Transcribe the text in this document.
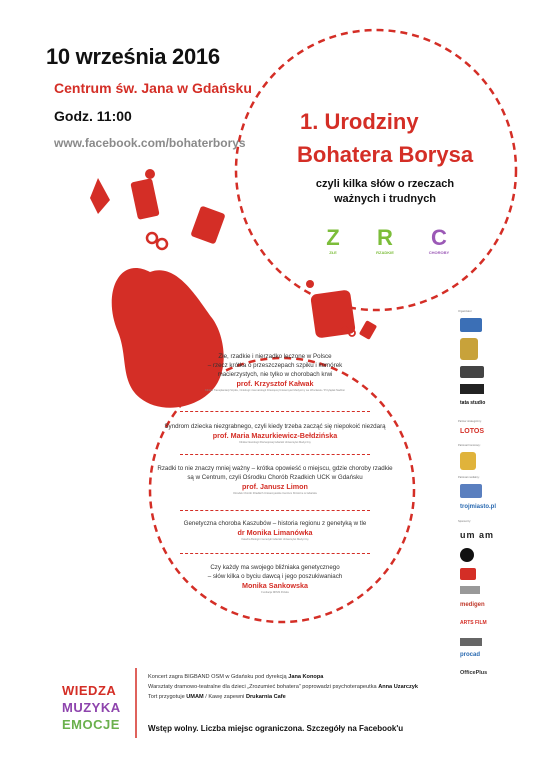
10 września 2016
Centrum św. Jana w Gdańsku
Godz. 11:00
www.facebook.com/bohaterborys
1. Urodziny
Bohatera Borysa
czyli kilka słów o rzeczach
ważnych i trudnych
Z
ZŁE
R
RZADKIE
C
CHOROBY
Złe, rzadkie i nierzadko leczone w Polsce
– rzecz krótka o przeszczepach szpiku i komórek
macierzystych, nie tylko w chorobach krwi
prof. Krzysztof Kałwak
Klinika Transplantacji Szpiku, Onkologii i Hematologii Dziecięcej Uniwersytet Medyczny we Wrocławiu / Przylądek Nadziei
Syndrom dziecka niezgrabnego, czyli kiedy trzeba zacząć się niepokoić niezdarą
prof. Maria Mazurkiewicz-Bełdzińska
Klinika Neurologii Rozwojowej Gdański Uniwersytet Medyczny
Rzadki to nie znaczy mniej ważny – krótka opowieść o miejscu, gdzie choroby rzadkie
są w Centrum, czyli Ośrodku Chorób Rzadkich UCK w Gdańsku
prof. Janusz Limon
Ośrodek Chorób Rzadkich Uniwersyteckie Centrum Kliniczne w Gdańsku
Genetyczna choroba Kaszubów – historia regionu z genetyką w tle
dr Monika Limanówka
Katedra Biologii i Genetyki Gdański Uniwersytet Medyczny
Czy każdy ma swojego bliźniaka genetycznego
– słów kilka o byciu dawcą i jego poszukiwaniach
Monika Sankowska
Fundacja DKMS Polska
Organizator:
tata studio
Partner strategiczny:
LOTOS
Patronat honorowy:
Patronat medialny:
trojmiasto.pl
Sponsorzy:
um am
medigen
ARTS FILM
procad
OfficePlus
WIEDZA
MUZYKA
EMOCJE
Koncert zagra BIGBAND OSM w Gdańsku pod dyrekcją Jana Konopa
Warsztaty dramowo-teatralne dla dzieci „Zrozumieć bohatera” poprowadzi psychoterapeutka Anna Uzarczyk
Tort przygotuje UMAM / Kawę zapewni Drukarnia Cafe
Wstęp wolny. Liczba miejsc ograniczona. Szczegóły na Facebook'u
